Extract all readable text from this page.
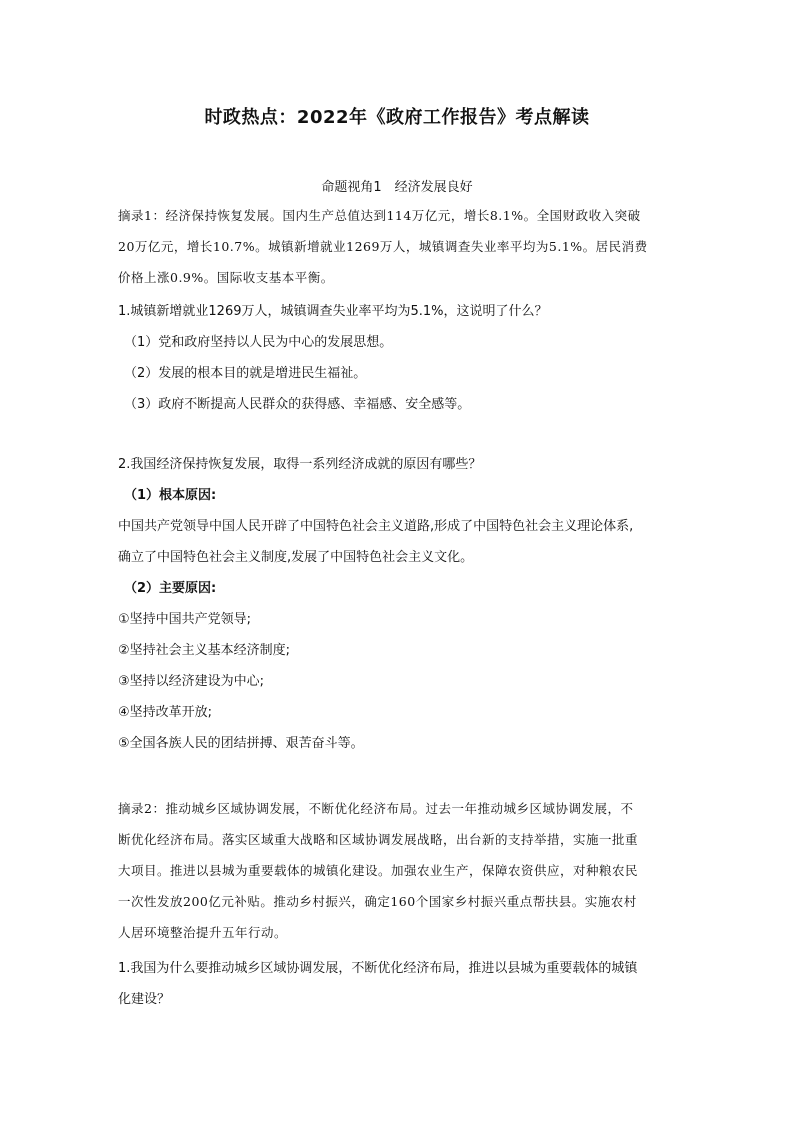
时政热点：2022年《政府工作报告》考点解读
命题视角1　经济发展良好
摘录1：经济保持恢复发展。国内生产总值达到114万亿元，增长8.1%。全国财政收入突破
20万亿元，增长10.7%。城镇新增就业1269万人，城镇调查失业率平均为5.1%。居民消费
价格上涨0.9%。国际收支基本平衡。
1.城镇新增就业1269万人，城镇调查失业率平均为5.1%，这说明了什么？
（1）党和政府坚持以人民为中心的发展思想。
（2）发展的根本目的就是增进民生福祉。
（3）政府不断提高人民群众的获得感、幸福感、安全感等。
2.我国经济保持恢复发展，取得一系列经济成就的原因有哪些？
（1）根本原因:
中国共产党领导中国人民开辟了中国特色社会主义道路,形成了中国特色社会主义理论体系,
确立了中国特色社会主义制度,发展了中国特色社会主义文化。
（2）主要原因:
①坚持中国共产党领导;
②坚持社会主义基本经济制度;
③坚持以经济建设为中心;
④坚持改革开放;
⑤全国各族人民的团结拼搏、艰苦奋斗等。
摘录2：推动城乡区域协调发展，不断优化经济布局。过去一年推动城乡区域协调发展，不
断优化经济布局。落实区域重大战略和区域协调发展战略，出台新的支持举措，实施一批重
大项目。推进以县城为重要载体的城镇化建设。加强农业生产，保障农资供应，对种粮农民
一次性发放200亿元补贴。推动乡村振兴，确定160个国家乡村振兴重点帮扶县。实施农村
人居环境整治提升五年行动。
1.我国为什么要推动城乡区域协调发展，不断优化经济布局，推进以县城为重要载体的城镇
化建设？
